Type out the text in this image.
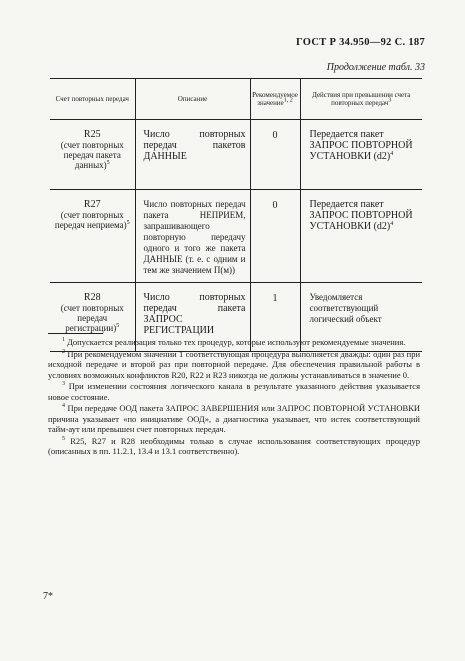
ГОСТ Р 34.950—92 С. 187
Продолжение табл. 33
Счет повторных передач	Описание	Рекомендуемое значение$^{1, 2}$	Действия при превышении счета повторных передач$^3$

R25
(счет повторных передач пакета данных)$^5$	Число повторных передач пакетов ДАННЫЕ	0	Передается пакет ЗАПРОС ПОВТОРНОЙ УСТАНОВКИ $(d2)^4$

R27
(счет повторных передач неприема)$^5$	Число повторных передач пакета НЕПРИЕМ, запрашивающего повторную передачу одного и того же пакета ДАННЫЕ (т. е. с одним и тем же значением П(м))	0	Передается пакет ЗАПРОС ПОВТОРНОЙ УСТАНОВКИ $(d2)^4$

R28
(счет повторных передач регистрации)$^5$	Число повторных передач пакета ЗАПРОС РЕГИСТРАЦИИ	1	Уведомляется соответствующий логический объект

$^1$ Допускается реализация только тех процедур, которые используют рекомендуемые значения.

$^2$ При рекомендуемом значении 1 соответствующая процедура выполняется дважды: один раз при исходной передаче и второй раз при повторной передаче. Для обеспечения правильной работы в условиях возможных конфликтов R20, R22 и R23 никогда не должны устанавливаться в значение 0.

$^3$ При изменении состояния логического канала в результате указанного действия указывается новое состояние.

$^4$ При передаче ООД пакета ЗАПРОС ЗАВЕРШЕНИЯ или ЗАПРОС ПОВТОРНОЙ УСТАНОВКИ причина указывает «по инициативе ООД», а диагностика указывает, что истек соответствующий тайм-аут или превышен счет повторных передач.

$^5$ R25, R27 и R28 необходимы только в случае использования соответствующих процедур (описанных в пп. 11.2.1, 13.4 и 13.1 соответственно).

7*
